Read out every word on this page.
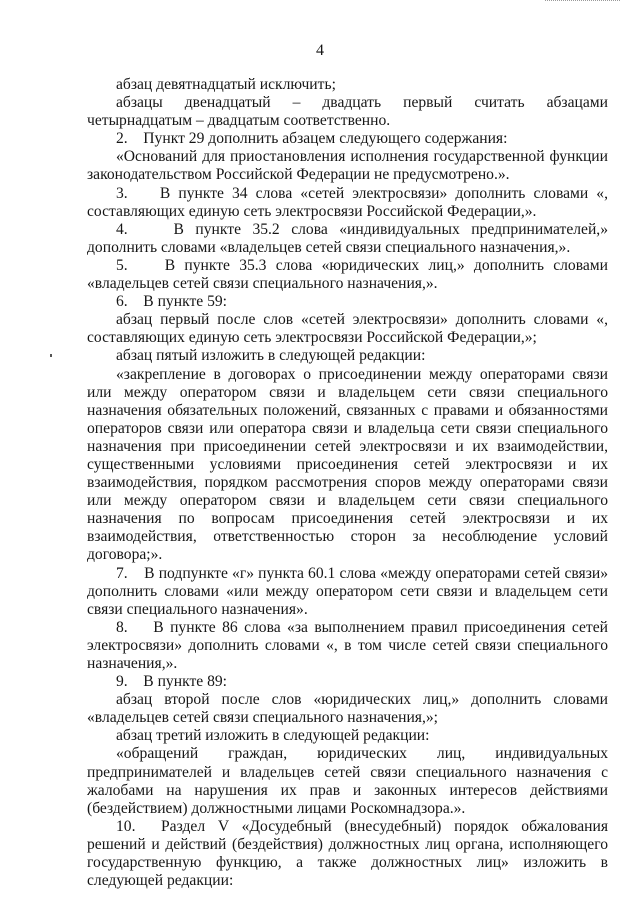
4

абзац девятнадцатый исключить;

абзацы двенадцатый – двадцать первый считать абзацами четырнадцатым – двадцатым соответственно.

2.    Пункт 29 дополнить абзацем следующего содержания:

«Оснований для приостановления исполнения государственной функции законодательством Российской Федерации не предусмотрено.».

3.    В пункте 34 слова «сетей электросвязи» дополнить словами «, составляющих единую сеть электросвязи Российской Федерации,».

4.    В пункте 35.2 слова «индивидуальных предпринимателей,» дополнить словами «владельцев сетей связи специального назначения,».

5.    В пункте 35.3 слова «юридических лиц,» дополнить словами «владельцев сетей связи специального назначения,».

6.    В пункте 59:

абзац первый после слов «сетей электросвязи» дополнить словами «, составляющих единую сеть электросвязи Российской Федерации,»;

абзац пятый изложить в следующей редакции:

«закрепление в договорах о присоединении между операторами связи или между оператором связи и владельцем сети связи специального назначения обязательных положений, связанных с правами и обязанностями операторов связи или оператора связи и владельца сети связи специального назначения при присоединении сетей электросвязи и их взаимодействии, существенными условиями присоединения сетей электросвязи и их взаимодействия, порядком рассмотрения споров между операторами связи или между оператором связи и владельцем сети связи специального назначения по вопросам присоединения сетей электросвязи и их взаимодействия, ответственностью сторон за несоблюдение условий договора;».

7.    В подпункте «г» пункта 60.1 слова «между операторами сетей связи» дополнить словами «или между оператором сети связи и владельцем сети связи специального назначения».

8.    В пункте 86 слова «за выполнением правил присоединения сетей электросвязи» дополнить словами «, в том числе сетей связи специального назначения,».

9.    В пункте 89:

абзац второй после слов «юридических лиц,» дополнить словами «владельцев сетей связи специального назначения,»;

абзац третий изложить в следующей редакции:

«обращений граждан, юридических лиц, индивидуальных предпринимателей и владельцев сетей связи специального назначения с жалобами на нарушения их прав и законных интересов действиями (бездействием) должностными лицами Роскомнадзора.».

10.  Раздел V «Досудебный (внесудебный) порядок обжалования решений и действий (бездействия) должностных лиц органа, исполняющего государственную функцию, а также должностных лиц» изложить в следующей редакции:
